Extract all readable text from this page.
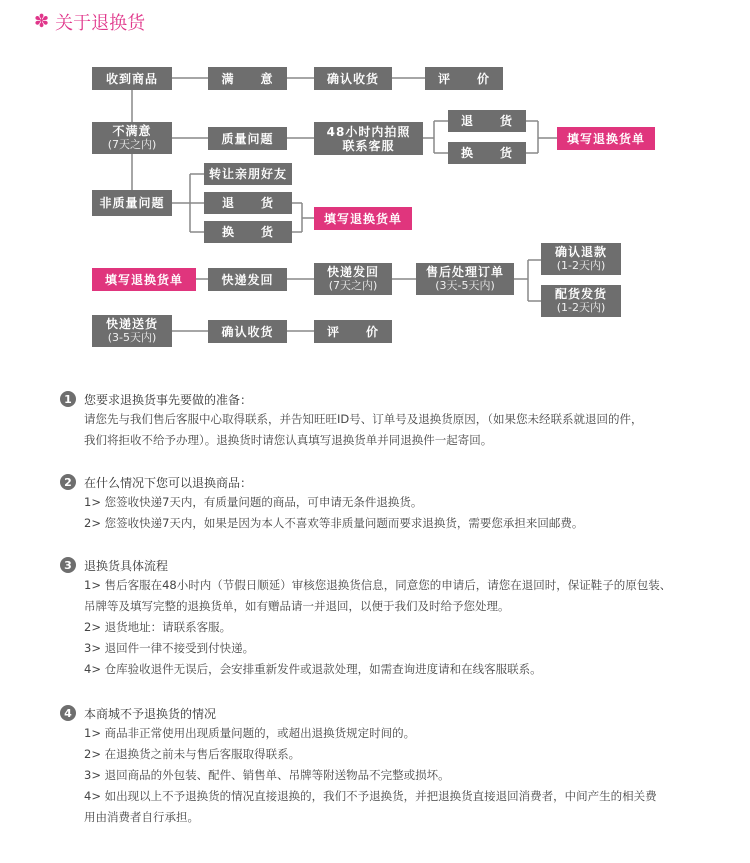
✽ 关于退换货
收到商品	满　　意	确认收货	评　　价
不满意
(7天之内)	质量问题	48小时内拍照
联系客服
退　　货
换　　货
填写退换货单
非质量问题
转让亲朋好友
退　　货
换　　货
填写退换货单
填写退换货单	快递发回
快递发回
(7天之内)
售后处理订单
(3天-5天内)
确认退款
(1-2天内)
配货发货
(1-2天内)
快递送货
(3-5天内)	确认收货	评　　价
1	您要求退换货事先要做的准备：
请您先与我们售后客服中心取得联系，并告知旺旺ID号、订单号及退换货原因，（如果您未经联系就退回的件，
我们将拒收不给予办理）。退换货时请您认真填写退换货单并同退换件一起寄回。
2	在什么情况下您可以退换商品：
1> 您签收快递7天内，有质量问题的商品，可申请无条件退换货。
2> 您签收快递7天内，如果是因为本人不喜欢等非质量问题而要求退换货，需要您承担来回邮费。
3	退换货具体流程
1> 售后客服在48小时内（节假日顺延）审核您退换货信息，同意您的申请后，请您在退回时，保证鞋子的原包装、
吊牌等及填写完整的退换货单，如有赠品请一并退回，以便于我们及时给予您处理。
2> 退货地址：请联系客服。
3> 退回件一律不接受到付快递。
4> 仓库验收退件无误后，会安排重新发件或退款处理，如需查询进度请和在线客服联系。
4	本商城不予退换货的情况
1> 商品非正常使用出现质量问题的，或超出退换货规定时间的。
2> 在退换货之前未与售后客服取得联系。
3> 退回商品的外包装、配件、销售单、吊牌等附送物品不完整或损坏。
4> 如出现以上不予退换货的情况直接退换的，我们不予退换货，并把退换货直接退回消费者，中间产生的相关费
用由消费者自行承担。
